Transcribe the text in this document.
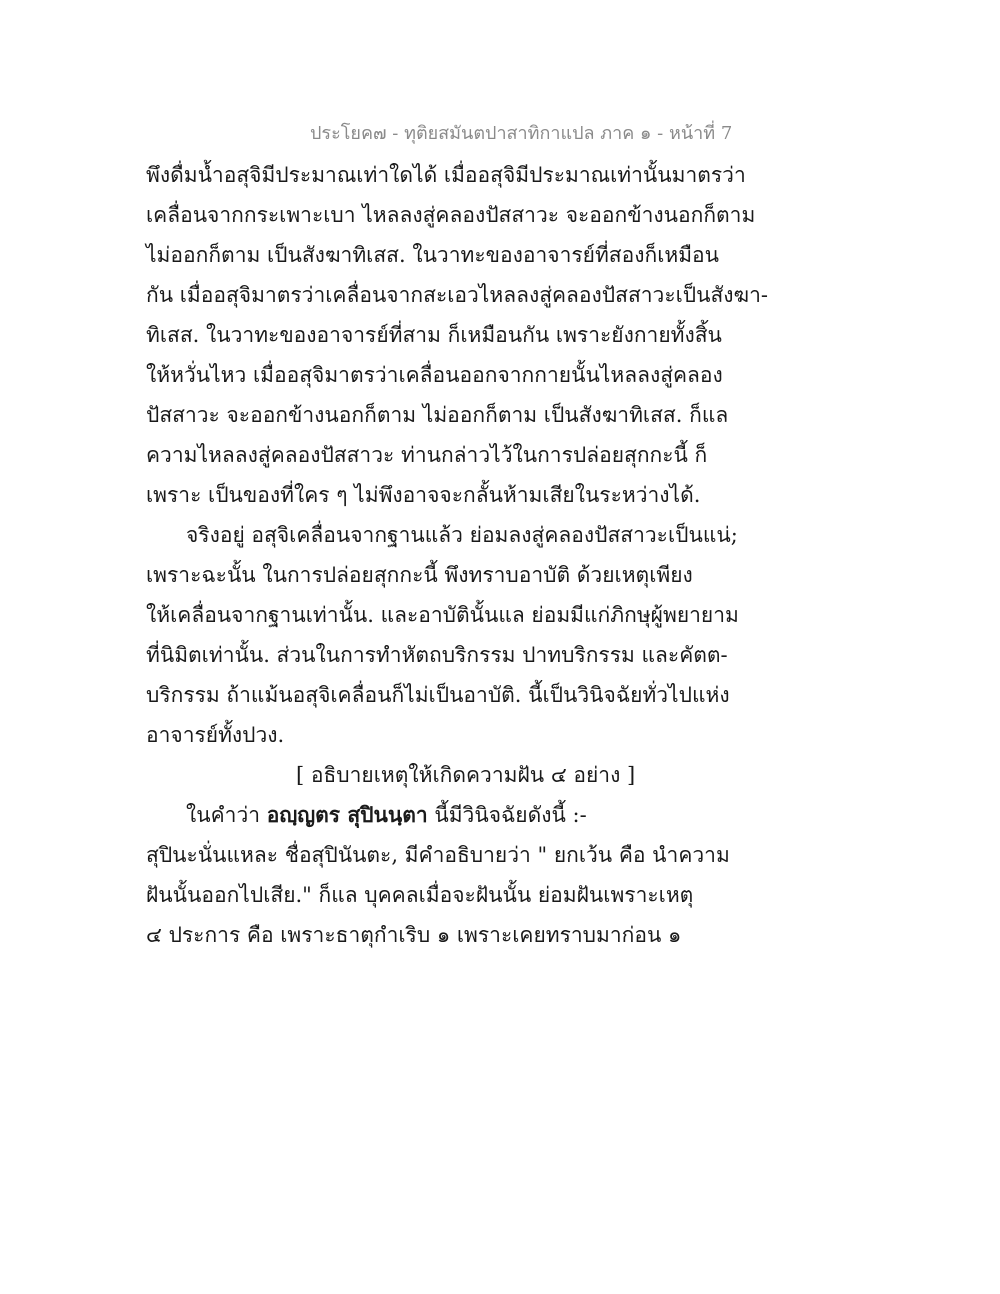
ประโยค๗ - ทุติยสมันตปาสาทิกาแปล ภาค ๑ - หน้าที่ 7
พึงดื่มน้ำอสุจิมีประมาณเท่าใดได้ เมื่ออสุจิมีประมาณเท่านั้นมาตรว่า
เคลื่อนจากกระเพาะเบา ไหลลงสู่คลองปัสสาวะ จะออกข้างนอกก็ตาม
ไม่ออกก็ตาม เป็นสังฆาทิเสส. ในวาทะของอาจารย์ที่สองก็เหมือน
กัน เมื่ออสุจิมาตรว่าเคลื่อนจากสะเอวไหลลงสู่คลองปัสสาวะเป็นสังฆา-
ทิเสส. ในวาทะของอาจารย์ที่สาม ก็เหมือนกัน เพราะยังกายทั้งสิ้น
ให้หวั่นไหว เมื่ออสุจิมาตรว่าเคลื่อนออกจากกายนั้นไหลลงสู่คลอง
ปัสสาวะ จะออกข้างนอกก็ตาม ไม่ออกก็ตาม เป็นสังฆาทิเสส. ก็แล
ความไหลลงสู่คลองปัสสาวะ ท่านกล่าวไว้ในการปล่อยสุกกะนี้ ก็
เพราะ เป็นของที่ใคร ๆ ไม่พึงอาจจะกลั้นห้ามเสียในระหว่างได้.
จริงอยู่ อสุจิเคลื่อนจากฐานแล้ว ย่อมลงสู่คลองปัสสาวะเป็นแน่;
เพราะฉะนั้น ในการปล่อยสุกกะนี้ พึงทราบอาบัติ ด้วยเหตุเพียง
ให้เคลื่อนจากฐานเท่านั้น. และอาบัตินั้นแล ย่อมมีแก่ภิกษุผู้พยายาม
ที่นิมิตเท่านั้น. ส่วนในการทำหัตถบริกรรม ปาทบริกรรม และคัตต-
บริกรรม ถ้าแม้นอสุจิเคลื่อนก็ไม่เป็นอาบัติ. นี้เป็นวินิจฉัยทั่วไปแห่ง
อาจารย์ทั้งปวง.
[ อธิบายเหตุให้เกิดความฝัน ๔ อย่าง ]
ในคำว่า อญฺญตร สุปินนฺตา นี้มีวินิจฉัยดังนี้ :-
สุปินะนั่นแหละ ชื่อสุปินันตะ, มีคำอธิบายว่า " ยกเว้น คือ นำความ
ฝันนั้นออกไปเสีย." ก็แล บุคคลเมื่อจะฝันนั้น ย่อมฝันเพราะเหตุ
๔ ประการ คือ เพราะธาตุกำเริบ ๑ เพราะเคยทราบมาก่อน ๑
